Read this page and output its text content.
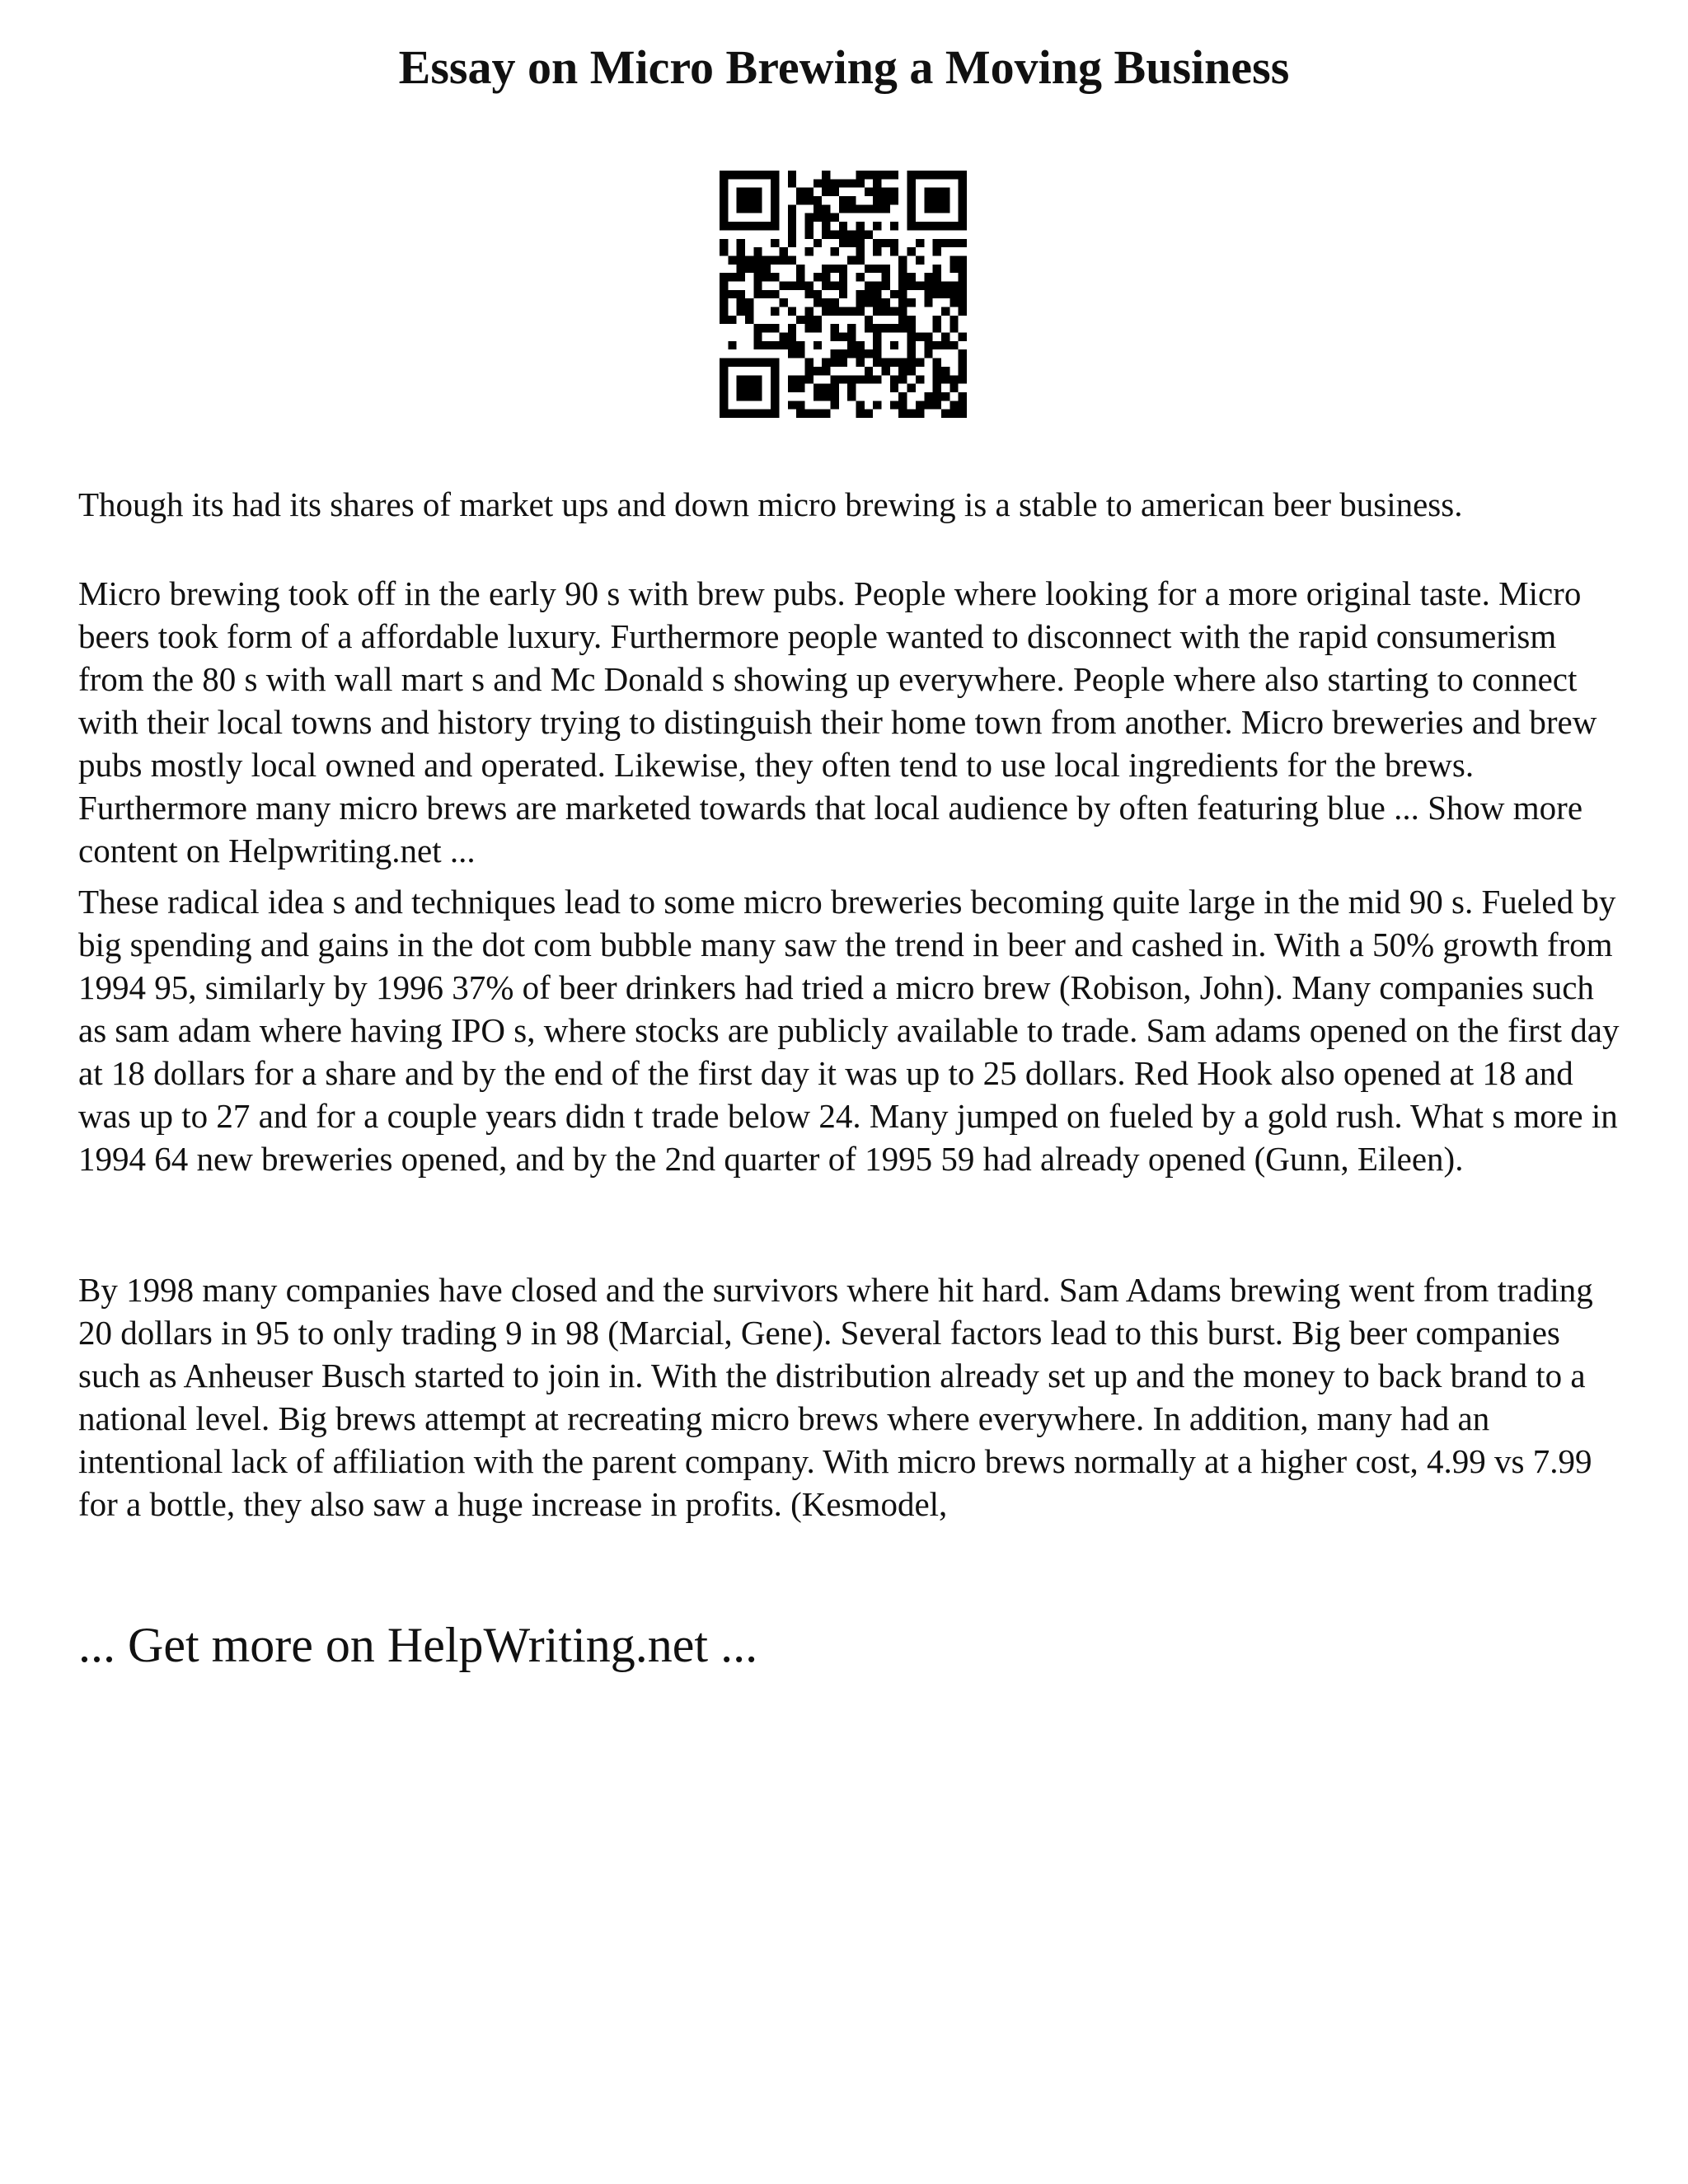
Essay on Micro Brewing a Moving Business

Though its had its shares of market ups and down micro brewing is a stable to american beer business.

Micro brewing took off in the early 90 s with brew pubs. People where looking for a more original taste. Micro beers took form of a affordable luxury. Furthermore people wanted to disconnect with the rapid consumerism from the 80 s with wall mart s and Mc Donald s showing up everywhere. People where also starting to connect with their local towns and history trying to distinguish their home town from another. Micro breweries and brew pubs mostly local owned and operated. Likewise, they often tend to use local ingredients for the brews. Furthermore many micro brews are marketed towards that local audience by often featuring blue ... Show more content on Helpwriting.net ...

These radical idea s and techniques lead to some micro breweries becoming quite large in the mid 90 s. Fueled by big spending and gains in the dot com bubble many saw the trend in beer and cashed in. With a 50% growth from 1994 95, similarly by 1996 37% of beer drinkers had tried a micro brew (Robison, John). Many companies such as sam adam where having IPO s, where stocks are publicly available to trade. Sam adams opened on the first day at 18 dollars for a share and by the end of the first day it was up to 25 dollars. Red Hook also opened at 18 and was up to 27 and for a couple years didn t trade below 24. Many jumped on fueled by a gold rush. What s more in 1994 64 new breweries opened, and by the 2nd quarter of 1995 59 had already opened (Gunn, Eileen).

By 1998 many companies have closed and the survivors where hit hard. Sam Adams brewing went from trading 20 dollars in 95 to only trading 9 in 98 (Marcial, Gene). Several factors lead to this burst. Big beer companies such as Anheuser Busch started to join in. With the distribution already set up and the money to back brand to a national level. Big brews attempt at recreating micro brews where everywhere. In addition, many had an intentional lack of affiliation with the parent company. With micro brews normally at a higher cost, 4.99 vs 7.99 for a bottle, they also saw a huge increase in profits. (Kesmodel,

... Get more on HelpWriting.net ...
